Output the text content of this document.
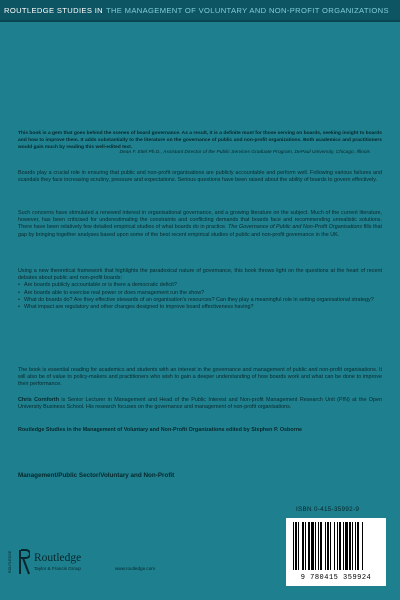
ROUTLEDGE STUDIES IN THE MANAGEMENT OF VOLUNTARY AND NON-PROFIT ORGANIZATIONS
This book is a gem that goes behind the scenes of board governance. As a result, it is a definite must for those serving on boards, seeking insight to boards and how to improve them. It adds substantially to the literature on the governance of public and non-profit organizations. Both academics and practitioners would gain much by reading this well-edited text.
Dean F. Eitel Ph.D., Assistant Director of the Public Services Graduate Program, DePaul University, Chicago, Illinois
Boards play a crucial role in ensuring that public and non-profit organisations are publicly accountable and perform well. Following various failures and scandals they face increasing scrutiny, pressure and expectations. Serious questions have been raised about the ability of boards to govern effectively.
Such concerns have stimulated a renewed interest in organisational governance, and a growing literature on the subject. Much of the current literature, however, has been criticised for underestimating the constraints and conflicting demands that boards face and recommending unrealistic solutions. There have been relatively few detailed empirical studies of what boards do in practice. The Governance of Public and Non-Profit Organisations fills that gap by bringing together analyses based upon some of the best recent empirical studies of public and non-profit governance in the UK.
Using a new theoretical framework that highlights the paradoxical nature of governance, this book throws light on the questions at the heart of recent debates about public and non-profit boards:
• Are boards publicly accountable or is there a democratic deficit?
• Are boards able to exercise real power or does management run the show?
• What do boards do? Are they effective stewards of an organisation's resources? Can they play a meaningful role in setting organisational strategy?
• What impact are regulatory and other changes designed to improve board effectiveness having?
The book is essential reading for academics and students with an interest in the governance and management of public and non-profit organisations. It will also be of value to policy-makers and practitioners who wish to gain a deeper understanding of how boards work and what can be done to improve their performance.
Chris Cornforth is Senior Lecturer in Management and Head of the Public Interest and Non-profit Management Research Unit (PIN) at the Open University Business School. His research focuses on the governance and management of non-profit organisations.
Routledge Studies in the Management of Voluntary and Non-Profit Organizations edited by Stephen P. Osborne
Management/Public Sector/Voluntary and Non-Profit
ISBN 0-415-35992-9
9 780415 359924
ROUTLEDGE	Routledge
Taylor & Francis Group	www.routledge.com
